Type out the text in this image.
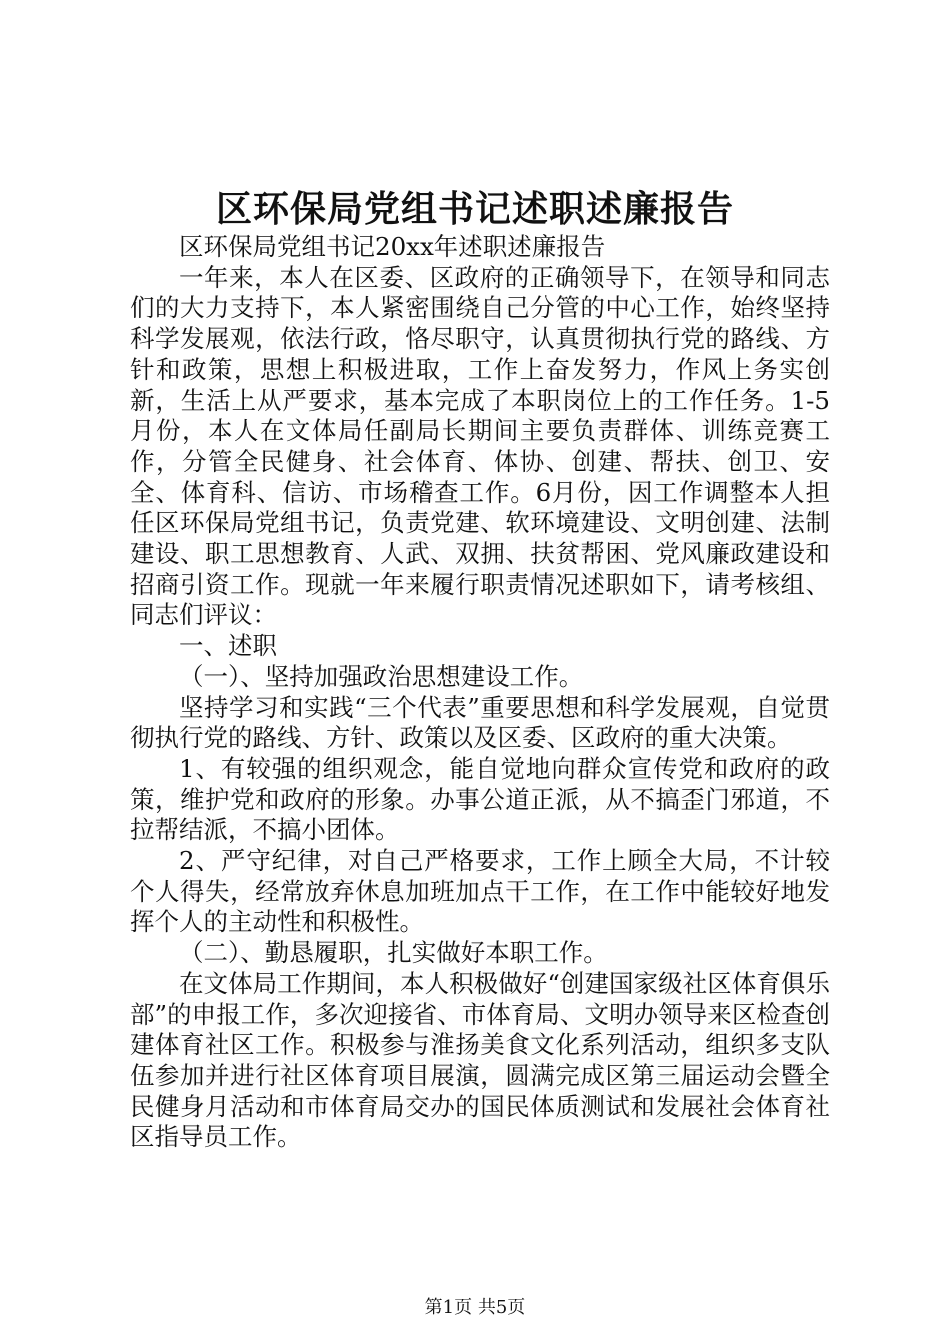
区环保局党组书记述职述廉报告

区环保局党组书记20xx年述职述廉报告

一年来，本人在区委、区政府的正确领导下，在领导和同志们的大力支持下，本人紧密围绕自己分管的中心工作，始终坚持科学发展观，依法行政，恪尽职守，认真贯彻执行党的路线、方针和政策，思想上积极进取，工作上奋发努力，作风上务实创新，生活上从严要求，基本完成了本职岗位上的工作任务。1-5月份，本人在文体局任副局长期间主要负责群体、训练竞赛工作，分管全民健身、社会体育、体协、创建、帮扶、创卫、安全、体育科、信访、市场稽查工作。6月份，因工作调整本人担任区环保局党组书记，负责党建、软环境建设、文明创建、法制建设、职工思想教育、人武、双拥、扶贫帮困、党风廉政建设和招商引资工作。现就一年来履行职责情况述职如下，请考核组、同志们评议：

一、述职

（一）、坚持加强政治思想建设工作。

坚持学习和实践“三个代表”重要思想和科学发展观，自觉贯彻执行党的路线、方针、政策以及区委、区政府的重大决策。

1、有较强的组织观念，能自觉地向群众宣传党和政府的政策，维护党和政府的形象。办事公道正派，从不搞歪门邪道，不拉帮结派，不搞小团体。

2、严守纪律，对自己严格要求，工作上顾全大局，不计较个人得失，经常放弃休息加班加点干工作，在工作中能较好地发挥个人的主动性和积极性。

（二）、勤恳履职，扎实做好本职工作。

在文体局工作期间，本人积极做好“创建国家级社区体育俱乐部”的申报工作，多次迎接省、市体育局、文明办领导来区检查创建体育社区工作。积极参与淮扬美食文化系列活动，组织多支队伍参加并进行社区体育项目展演，圆满完成区第三届运动会暨全民健身月活动和市体育局交办的国民体质测试和发展社会体育社区指导员工作。

第1页 共5页
